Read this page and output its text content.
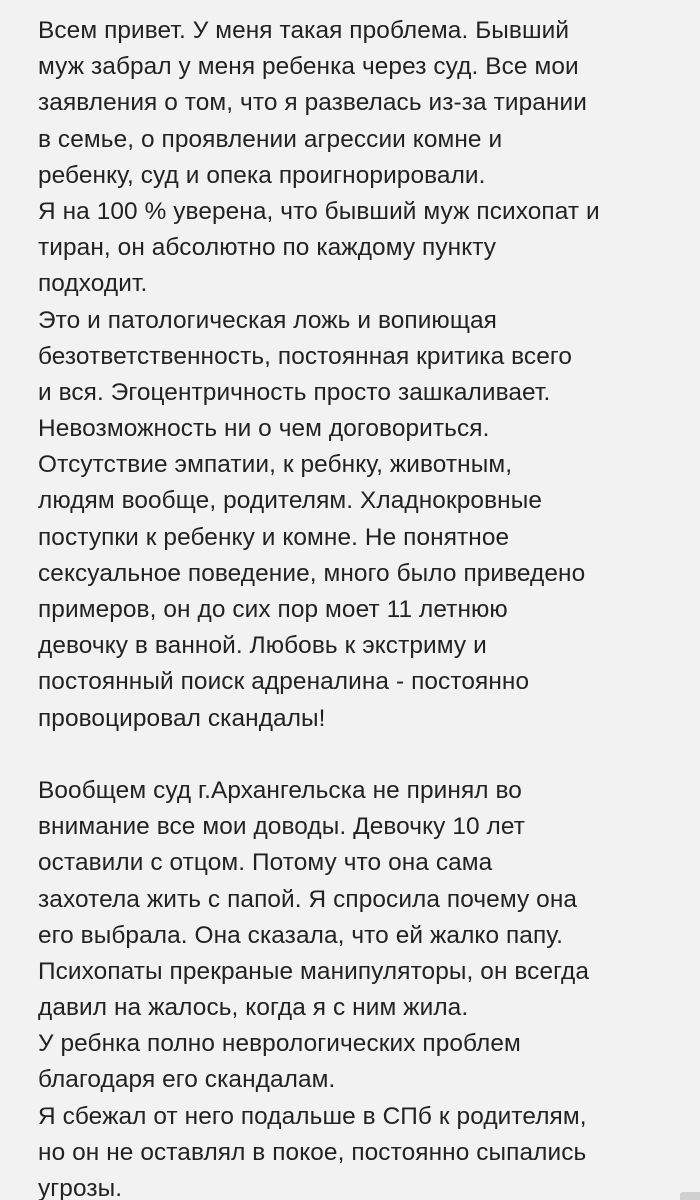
Всем привет. У меня такая проблема. Бывший
муж забрал у меня ребенка через суд. Все мои
заявления о том, что я развелась из-за тирании
в семье, о проявлении агрессии комне и
ребенку, суд и опека проигнорировали.
Я на 100 % уверена, что бывший муж психопат и
тиран, он абсолютно по каждому пункту
подходит.
Это и патологическая ложь и вопиющая
безответственность, постоянная критика всего
и вся. Эгоцентричность просто зашкаливает.
Невозможность ни о чем договориться.
Отсутствие эмпатии, к ребнку, животным,
людям вообще, родителям. Хладнокровные
поступки к ребенку и комне. Не понятное
сексуальное поведение, много было приведено
примеров, он до сих пор моет 11 летнюю
девочку в ванной. Любовь к экстриму и
постоянный поиск адреналина - постоянно
провоцировал скандалы!
Вообщем суд г.Архангельска не принял во
внимание все мои доводы. Девочку 10 лет
оставили с отцом. Потому что она сама
захотела жить с папой. Я спросила почему она
его выбрала. Она сказала, что ей жалко папу.
Психопаты прекраные манипуляторы, он всегда
давил на жалось, когда я с ним жила.
У ребнка полно неврологических проблем
благодаря его скандалам.
Я сбежал от него подальше в СПб к родителям,
но он не оставлял в покое, постоянно сыпались
угрозы.
